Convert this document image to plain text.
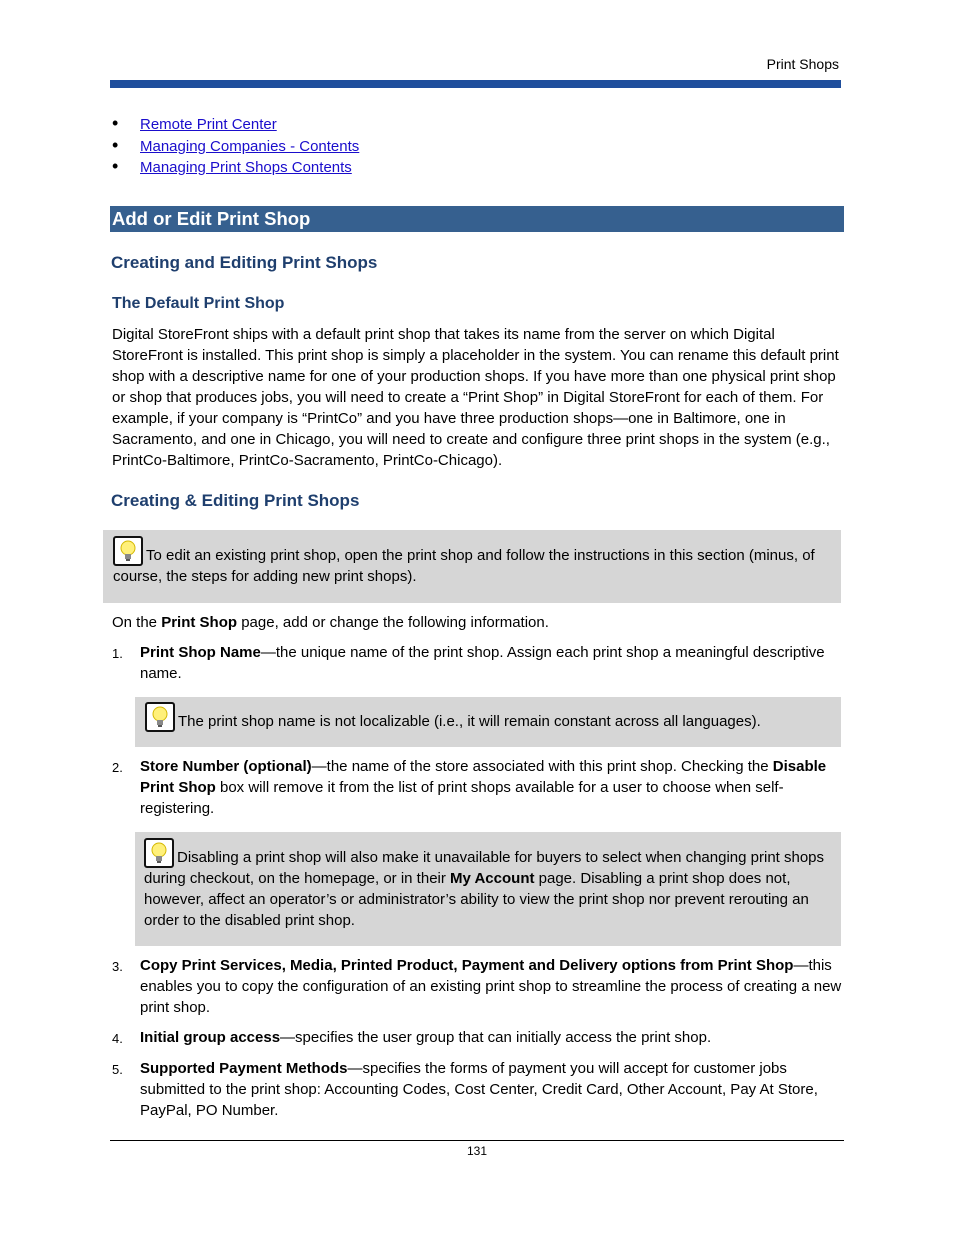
Print Shops
• Remote Print Center
• Managing Companies - Contents
• Managing Print Shops Contents
Add or Edit Print Shop
Creating and Editing Print Shops
The Default Print Shop
Digital StoreFront ships with a default print shop that takes its name from the server on which Digital StoreFront is installed. This print shop is simply a placeholder in the system. You can rename this default print shop with a descriptive name for one of your production shops. If you have more than one physical print shop or shop that produces jobs, you will need to create a “Print Shop” in Digital StoreFront for each of them. For example, if your company is “PrintCo” and you have three production shops—one in Baltimore, one in Sacramento, and one in Chicago, you will need to create and configure three print shops in the system (e.g., PrintCo-Baltimore, PrintCo-Sacramento, PrintCo-Chicago).
Creating & Editing Print Shops
To edit an existing print shop, open the print shop and follow the instructions in this section (minus, of course, the steps for adding new print shops).
On the Print Shop page, add or change the following information.
1. Print Shop Name—the unique name of the print shop. Assign each print shop a meaningful descriptive name.
The print shop name is not localizable (i.e., it will remain constant across all languages).
2. Store Number (optional)—the name of the store associated with this print shop. Checking the Disable Print Shop box will remove it from the list of print shops available for a user to choose when self-registering.
Disabling a print shop will also make it unavailable for buyers to select when changing print shops during checkout, on the homepage, or in their My Account page. Disabling a print shop does not, however, affect an operator’s or administrator’s ability to view the print shop nor prevent rerouting an order to the disabled print shop.
3. Copy Print Services, Media, Printed Product, Payment and Delivery options from Print Shop—this enables you to copy the configuration of an existing print shop to streamline the process of creating a new print shop.
4. Initial group access—specifies the user group that can initially access the print shop.
5. Supported Payment Methods—specifies the forms of payment you will accept for customer jobs submitted to the print shop: Accounting Codes, Cost Center, Credit Card, Other Account, Pay At Store, PayPal, PO Number.
131
